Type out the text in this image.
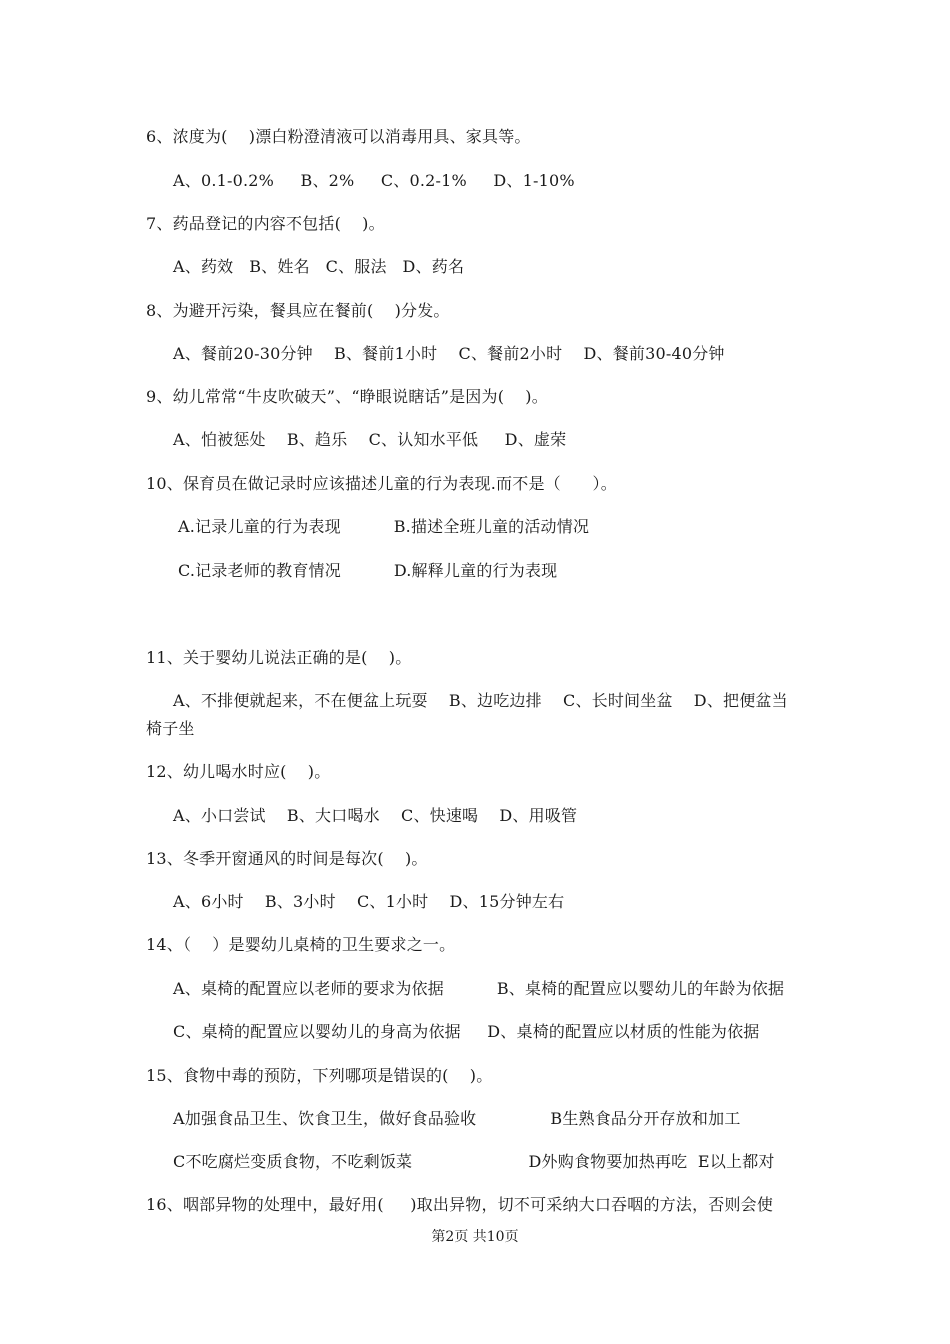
6、浓度为(    )漂白粉澄清液可以消毒用具、家具等。
A、0.1-0.2%     B、2%     C、0.2-1%     D、1-10%
7、药品登记的内容不包括(    )。
A、药效   B、姓名   C、服法   D、药名
8、为避开污染，餐具应在餐前(    )分发。
A、餐前20-30分钟    B、餐前1小时    C、餐前2小时    D、餐前30-40分钟
9、幼儿常常“牛皮吹破天”、“睁眼说瞎话”是因为(    )。
A、怕被惩处    B、趋乐    C、认知水平低     D、虚荣
10、保育员在做记录时应该描述儿童的行为表现.而不是（      ）。
A.记录儿童的行为表现          B.描述全班儿童的活动情况
C.记录老师的教育情况          D.解释儿童的行为表现
11、关于婴幼儿说法正确的是(    )。
A、不排便就起来，不在便盆上玩耍    B、边吃边排    C、长时间坐盆    D、把便盆当
椅子坐
12、幼儿喝水时应(    )。
A、小口尝试    B、大口喝水    C、快速喝    D、用吸管
13、冬季开窗通风的时间是每次(    )。
A、6小时    B、3小时    C、1小时    D、15分钟左右
14、（    ）是婴幼儿桌椅的卫生要求之一。
A、桌椅的配置应以老师的要求为依据          B、桌椅的配置应以婴幼儿的年龄为依据
C、桌椅的配置应以婴幼儿的身高为依据     D、桌椅的配置应以材质的性能为依据
15、食物中毒的预防，下列哪项是错误的(    )。
A加强食品卫生、饮食卫生，做好食品验收              B生熟食品分开存放和加工
C不吃腐烂变质食物，不吃剩饭菜                      D外购食物要加热再吃  E以上都对
16、咽部异物的处理中，最好用(     )取出异物，切不可采纳大口吞咽的方法，否则会使
第2页 共10页
